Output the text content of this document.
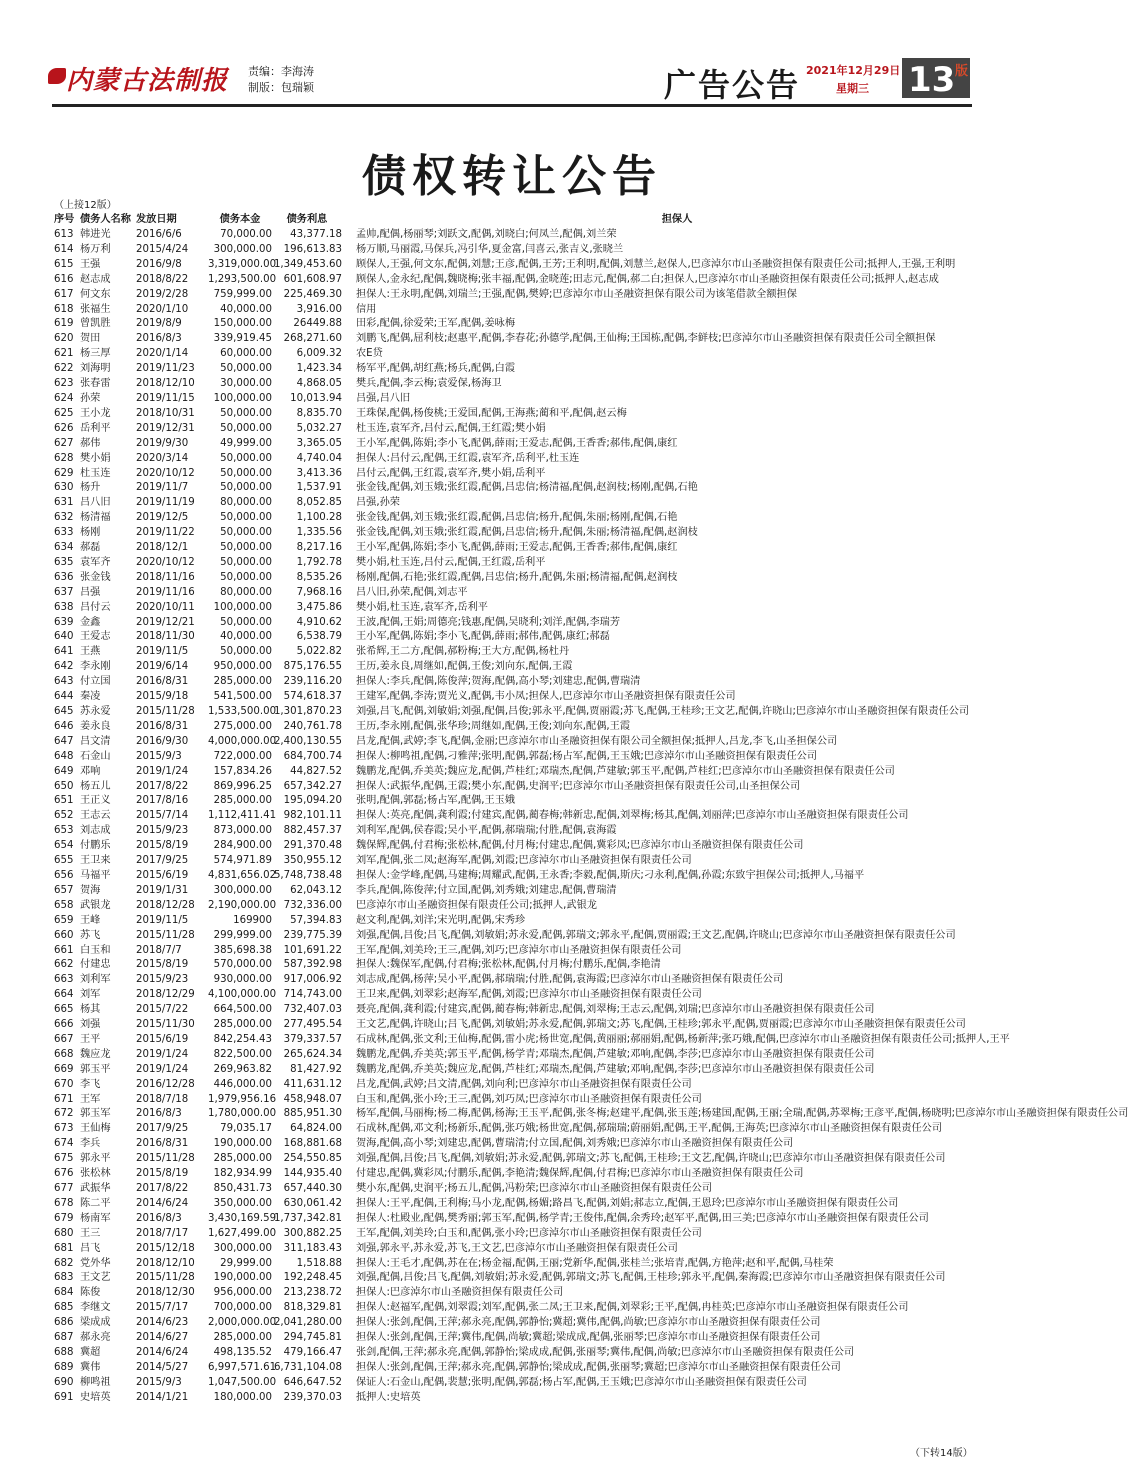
内蒙古法制报 责编：李海涛
制版：包瑞颖	广告公告 2021年12月29日
星期三 13 版
债权转让公告
（上接12版）
序号	债务人名称	发放日期	债务本金	债务利息	担保人
613	韩进光	2016/6/6	70,000.00	43,377.18	孟帅,配偶,杨丽琴;刘跃文,配偶,刘晓白;何凤兰,配偶,刘兰荣
614	杨万利	2015/4/24	300,000.00	196,613.83	杨万顺,马丽霞,马保兵,冯引华,夏金富,闫喜云,张吉义,张晓兰
615	王强	2016/9/8	3,319,000.00	1,349,453.60	顾保人,王强,何文东,配偶,刘慧;王彦,配偶,王芳;王利明,配偶,刘慧兰,赵保人,巴彦淖尔市山圣融资担保有限责任公司;抵押人,王强,王利明
616	赵志成	2018/8/22	1,293,500.00	601,608.97	顾保人,金永纪,配偶,魏晓梅;张丰福,配偶,金晓莲;田志元,配偶,郝二白;担保人,巴彦淖尔市山圣融资担保有限责任公司;抵押人,赵志成
617	何文东	2019/2/28	759,999.00	225,469.30	担保人:王永明,配偶,刘瑞兰;王强,配偶,樊婷;巴彦淖尔市山圣融资担保有限公司为该笔借款全额担保
618	张福生	2020/1/10	40,000.00	3,916.00	信用
619	曾凯胜	2019/8/9	150,000.00	26449.88	田彩,配偶,徐爱荣;王军,配偶,姜咏梅
620	贺田	2016/8/3	339,919.45	268,271.60	刘鹏飞,配偶,屈利枝;赵惠平,配偶,李春花;孙德学,配偶,王仙梅;王国栋,配偶,李鲜枝;巴彦淖尔市山圣融资担保有限责任公司全额担保
621	杨三厚	2020/1/14	60,000.00	6,009.32	农E贷
622	刘海明	2019/11/23	50,000.00	1,423.34	杨军平,配偶,胡红燕;杨兵,配偶,白霞
623	张春雷	2018/12/10	30,000.00	4,868.05	樊兵,配偶,李云梅;袁爱保,杨海卫
624	孙荣	2019/11/15	100,000.00	10,013.94	吕强,吕八旧
625	王小龙	2018/10/31	50,000.00	8,835.70	王珠保,配偶,杨俊桃;王爱国,配偶,王海燕;蔺和平,配偶,赵云梅
626	岳利平	2019/12/31	50,000.00	5,032.27	杜玉连,袁军齐,吕付云,配偶,王红霞;樊小娟
627	郝伟	2019/9/30	49,999.00	3,365.05	王小军,配偶,陈娟;李小飞,配偶,薛雨;王爱志,配偶,王香香;郝伟,配偶,康红
628	樊小娟	2020/3/14	50,000.00	4,740.04	担保人:吕付云,配偶,王红霞,袁军齐,岳利平,杜玉连
629	杜玉连	2020/10/12	50,000.00	3,413.36	吕付云,配偶,王红霞,袁军齐,樊小娟,岳利平
630	杨升	2019/11/7	50,000.00	1,537.91	张金钱,配偶,刘玉娥;张红霞,配偶,吕忠信;杨清福,配偶,赵润枝;杨刚,配偶,石艳
631	吕八旧	2019/11/19	80,000.00	8,052.85	吕强,孙荣
632	杨清福	2019/12/5	50,000.00	1,100.28	张金钱,配偶,刘玉娥;张红霞,配偶,吕忠信;杨升,配偶,朱丽;杨刚,配偶,石艳
633	杨刚	2019/11/22	50,000.00	1,335.56	张金钱,配偶,刘玉娥;张红霞,配偶,吕忠信;杨升,配偶,朱丽;杨清福,配偶,赵润枝
634	郝磊	2018/12/1	50,000.00	8,217.16	王小军,配偶,陈娟;李小飞,配偶,薛雨;王爱志,配偶,王香香;郝伟,配偶,康红
635	袁军齐	2020/10/12	50,000.00	1,792.78	樊小娟,杜玉连,吕付云,配偶,王红霞,岳利平
636	张金钱	2018/11/16	50,000.00	8,535.26	杨刚,配偶,石艳;张红霞,配偶,吕忠信;杨升,配偶,朱丽;杨清福,配偶,赵润枝
637	吕强	2019/11/16	80,000.00	7,968.16	吕八旧,孙荣,配偶,刘志平
638	吕付云	2020/10/11	100,000.00	3,475.86	樊小娟,杜玉连,袁军齐,岳利平
639	金鑫	2019/12/21	50,000.00	4,910.62	王波,配偶,王娟;周德亮;钱惠,配偶,吴晓利;刘洋,配偶,李瑞芳
640	王爱志	2018/11/30	40,000.00	6,538.79	王小军,配偶,陈娟;李小飞,配偶,薛雨;郝伟,配偶,康红;郝磊
641	王燕	2019/11/5	50,000.00	5,022.82	张希辉,王二方,配偶,郝粉梅;王大方,配偶,杨杜丹
642	李永刚	2019/6/14	950,000.00	875,176.55	王历,姜永良,周继如,配偶,王俊;刘向东,配偶,王霞
643	付立国	2016/8/31	285,000.00	239,116.20	担保人:李兵,配偶,陈俊萍;贺海,配偶,高小琴;刘建忠,配偶,曹瑞清
644	秦凌	2015/9/18	541,500.00	574,618.37	王建军,配偶,李涛;贾光义,配偶,韦小凤;担保人,巴彦淖尔市山圣融资担保有限责任公司
645	苏永爱	2015/11/28	1,533,500.00	1,301,870.23	刘强,吕飞,配偶,刘敏娟;刘强,配偶,吕俊;郭永平,配偶,贾丽霞;苏飞,配偶,王桂珍;王文艺,配偶,许晓山;巴彦淖尔市山圣融资担保有限责任公司
646	姜永良	2016/8/31	275,000.00	240,761.78	王历,李永刚,配偶,张华珍;周继如,配偶,王俊;刘向东,配偶,王霞
647	吕文清	2016/9/30	4,000,000.00	2,400,130.55	吕龙,配偶,武婷;李飞,配偶,金丽;巴彦淖尔市山圣融资担保有限公司全额担保;抵押人,吕龙,李飞,山圣担保公司
648	石金山	2015/9/3	722,000.00	684,700.74	担保人:柳鸣祖,配偶,刁雅萍;张明,配偶,郭磊;杨占军,配偶,王玉娥;巴彦淖尔市山圣融资担保有限责任公司
649	邓响	2019/1/24	157,834.26	44,827.52	魏鹏龙,配偶,乔美英;魏应龙,配偶,芦桂红;邓瑞杰,配偶,芦建敏;郭玉平,配偶,芦桂红;巴彦淖尔市山圣融资担保有限责任公司
650	杨五儿	2017/8/22	869,996.25	657,342.27	担保人:武振华,配偶,王霞;樊小东,配偶,史润平;巴彦淖尔市山圣融资担保有限责任公司,山圣担保公司
651	王正义	2017/8/16	285,000.00	195,094.20	张明,配偶,郭磊;杨占军,配偶,王玉娥
652	王志云	2015/7/14	1,112,411.41	982,101.11	担保人:英亮,配偶,龚利霞;付建宾,配偶,蔺春梅;韩新忠,配偶,刘翠梅;杨其,配偶,刘丽萍;巴彦淖尔市山圣融资担保有限责任公司
653	刘志成	2015/9/23	873,000.00	882,457.37	刘利军,配偶,侯春霞;吴小平,配偶,郝瑞瑞;付胜,配偶,袁海霞
654	付鹏乐	2015/8/19	284,900.00	291,370.48	魏保辉,配偶,付君梅;张松林,配偶,付月梅;付建忠,配偶,冀彩凤;巴彦淖尔市山圣融资担保有限责任公司
655	王卫来	2017/9/25	574,971.89	350,955.12	刘军,配偶,张二凤;赵海军,配偶,刘霞;巴彦淖尔市山圣融资担保有限责任公司
656	马福平	2015/6/19	4,831,656.02	5,748,738.48	担保人:金学峰,配偶,马建梅;周耀武,配偶,王永香;李毅,配偶,斯庆;刁永利,配偶,孙霞;东致宇担保公司;抵押人,马福平
657	贺海	2019/1/31	300,000.00	62,043.12	李兵,配偶,陈俊萍;付立国,配偶,刘秀娥;刘建忠,配偶,曹瑞清
658	武银龙	2018/12/28	2,190,000.00	732,336.00	巴彦淖尔市山圣融资担保有限责任公司;抵押人,武银龙
659	王峰	2019/11/5	169900	57,394.83	赵文利,配偶,刘洋;宋光明,配偶,宋秀珍
660	苏飞	2015/11/28	299,999.00	239,775.39	刘强,配偶,吕俊;吕飞,配偶,刘敏娟;苏永爱,配偶,郭瑞文;郭永平,配偶,贾丽霞;王文艺,配偶,许晓山;巴彦淖尔市山圣融资担保有限责任公司
661	白玉和	2018/7/7	385,698.38	101,691.22	王军,配偶,刘美玲;王三,配偶,刘巧;巴彦淖尔市山圣融资担保有限责任公司
662	付建忠	2015/8/19	570,000.00	587,392.98	担保人:魏保军,配偶,付君梅;张松林,配偶,付月梅;付鹏乐,配偶,李艳清
663	刘利军	2015/9/23	930,000.00	917,006.92	刘志成,配偶,杨萍;吴小平,配偶,郝瑞瑞;付胜,配偶,袁海霞;巴彦淖尔市山圣融资担保有限责任公司
664	刘军	2018/12/29	4,100,000.00	714,743.00	王卫来,配偶,刘翠彩;赵海军,配偶,刘霞;巴彦淖尔市山圣融资担保有限责任公司
665	杨其	2015/7/22	664,500.00	732,407.03	聂亮,配偶,龚利霞;付建宾,配偶,蔺春梅;韩新忠,配偶,刘翠梅;王志云,配偶,刘瑞;巴彦淖尔市山圣融资担保有限责任公司
666	刘强	2015/11/30	285,000.00	277,495.54	王文艺,配偶,许晓山;吕飞,配偶,刘敏娟;苏永爱,配偶,郭瑞文;苏飞,配偶,王桂珍;郭永平,配偶,贾丽霞;巴彦淖尔市山圣融资担保有限责任公司
667	王平	2015/6/19	842,254.43	379,337.57	石成林,配偶,张文利;王仙梅,配偶,雷小虎;杨世宽,配偶,黄丽丽;郝丽娟,配偶,杨新萍;张巧娥,配偶,巴彦淖尔市山圣融资担保有限责任公司;抵押人,王平
668	魏应龙	2019/1/24	822,500.00	265,624.34	魏鹏龙,配偶,乔美英;郭玉平,配偶,杨学青;邓瑞杰,配偶,芦建敏;邓响,配偶,李莎;巴彦淖尔市山圣融资担保有限责任公司
669	郭玉平	2019/1/24	269,963.82	81,427.92	魏鹏龙,配偶,乔美英;魏应龙,配偶,芦桂红;邓瑞杰,配偶,芦建敏;邓响,配偶,李莎;巴彦淖尔市山圣融资担保有限责任公司
670	李飞	2016/12/28	446,000.00	411,631.12	吕龙,配偶,武婷;吕文清,配偶,刘向利;巴彦淖尔市山圣融资担保有限责任公司
671	王军	2018/7/18	1,979,956.16	458,948.07	白玉和,配偶,张小玲;王三,配偶,刘巧凤;巴彦淖尔市山圣融资担保有限责任公司
672	郭玉军	2016/8/3	1,780,000.00	885,951.30	杨军,配偶,马丽梅;杨二梅,配偶,杨海;王玉平,配偶,张冬梅;赵建平,配偶,张玉莲;杨建国,配偶,王丽;全瑞,配偶,苏翠梅;王彦平,配偶,杨晓明;巴彦淖尔市山圣融资担保有限责任公司
673	王仙梅	2017/9/25	79,035.17	64,824.00	石成林,配偶,邓文利;杨新乐,配偶,张巧娥;杨世宽,配偶,郝瑞瑞;蔚丽娟,配偶,王平,配偶,王海英;巴彦淖尔市山圣融资担保有限责任公司
674	李兵	2016/8/31	190,000.00	168,881.68	贺海,配偶,高小琴;刘建忠,配偶,曹瑞清;付立国,配偶,刘秀娥;巴彦淖尔市山圣融资担保有限责任公司
675	郭永平	2015/11/28	285,000.00	254,550.85	刘强,配偶,吕俊;吕飞,配偶,刘敏娟;苏永爱,配偶,郭瑞文;苏飞,配偶,王桂珍;王文艺,配偶,许晓山;巴彦淖尔市山圣融资担保有限责任公司
676	张松林	2015/8/19	182,934.99	144,935.40	付建忠,配偶,冀彩凤;付鹏乐,配偶,李艳清;魏保辉,配偶,付君梅;巴彦淖尔市山圣融资担保有限责任公司
677	武振华	2017/8/22	850,431.73	657,440.30	樊小东,配偶,史润平;杨五儿,配偶,冯粉荣;巴彦淖尔市山圣融资担保有限责任公司
678	陈二平	2014/6/24	350,000.00	630,061.42	担保人:王平,配偶,王利梅;马小龙,配偶,杨媚;路昌飞,配偶,刘娟;郝志立,配偶,王恩玲;巴彦淖尔市山圣融资担保有限责任公司
679	杨南军	2016/8/3	3,430,169.59	1,737,342.81	担保人:杜殿业,配偶,樊秀丽;郭玉军,配偶,杨学青;王俊伟,配偶,余秀玲;赵军平,配偶,田三美;巴彦淖尔市山圣融资担保有限责任公司
680	王三	2018/7/17	1,627,499.00	300,882.25	王军,配偶,刘美玲;白玉和,配偶,张小玲;巴彦淖尔市山圣融资担保有限责任公司
681	吕飞	2015/12/18	300,000.00	311,183.43	刘强,郭永平,苏永爱,苏飞,王文艺,巴彦淖尔市山圣融资担保有限责任公司
682	党外华	2018/12/10	29,999.00	1,518.88	担保人:王毛才,配偶,苏在在;杨金福,配偶,王丽;党新华,配偶,张桂兰;张培青,配偶,方艳萍;赵和平,配偶,马桂荣
683	王文艺	2015/11/28	190,000.00	192,248.45	刘强,配偶,吕俊;吕飞,配偶,刘敏娟;苏永爱,配偶,郭瑞文;苏飞,配偶,王桂珍;郭永平,配偶,秦海霞;巴彦淖尔市山圣融资担保有限责任公司
684	陈俊	2018/12/30	956,000.00	213,238.72	担保人:巴彦淖尔市山圣融资担保有限责任公司
685	李继文	2015/7/17	700,000.00	818,329.81	担保人:赵福军,配偶,刘翠霞;刘军,配偶,张二凤;王卫来,配偶,刘翠彩;王平,配偶,冉桂英;巴彦淖尔市山圣融资担保有限责任公司
686	梁成成	2014/6/23	2,000,000.00	2,041,280.00	担保人:张剑,配偶,王萍;郝永亮,配偶,郭静怡;冀超;冀伟,配偶,尚敏;巴彦淖尔市山圣融资担保有限责任公司
687	郝永亮	2014/6/27	285,000.00	294,745.81	担保人:张剑,配偶,王萍;冀伟,配偶,尚敏;冀超;梁成成,配偶,张丽琴;巴彦淖尔市山圣融资担保有限责任公司
688	冀超	2014/6/24	498,135.52	479,166.47	张剑,配偶,王萍;郝永亮,配偶,郭静怡;梁成成,配偶,张丽琴;冀伟,配偶,尚敏;巴彦淖尔市山圣融资担保有限责任公司
689	冀伟	2014/5/27	6,997,571.61	6,731,104.08	担保人:张剑,配偶,王萍;郝永亮,配偶,郭静怡;梁成成,配偶,张丽琴;冀超;巴彦淖尔市山圣融资担保有限责任公司
690	柳鸣祖	2015/9/3	1,047,500.00	646,647.52	保证人:石金山,配偶,裴慧;张明,配偶,郭磊;杨占军,配偶,王玉娥;巴彦淖尔市山圣融资担保有限责任公司
691	史培英	2014/1/21	180,000.00	239,370.03	抵押人:史培英
（下转14版）
